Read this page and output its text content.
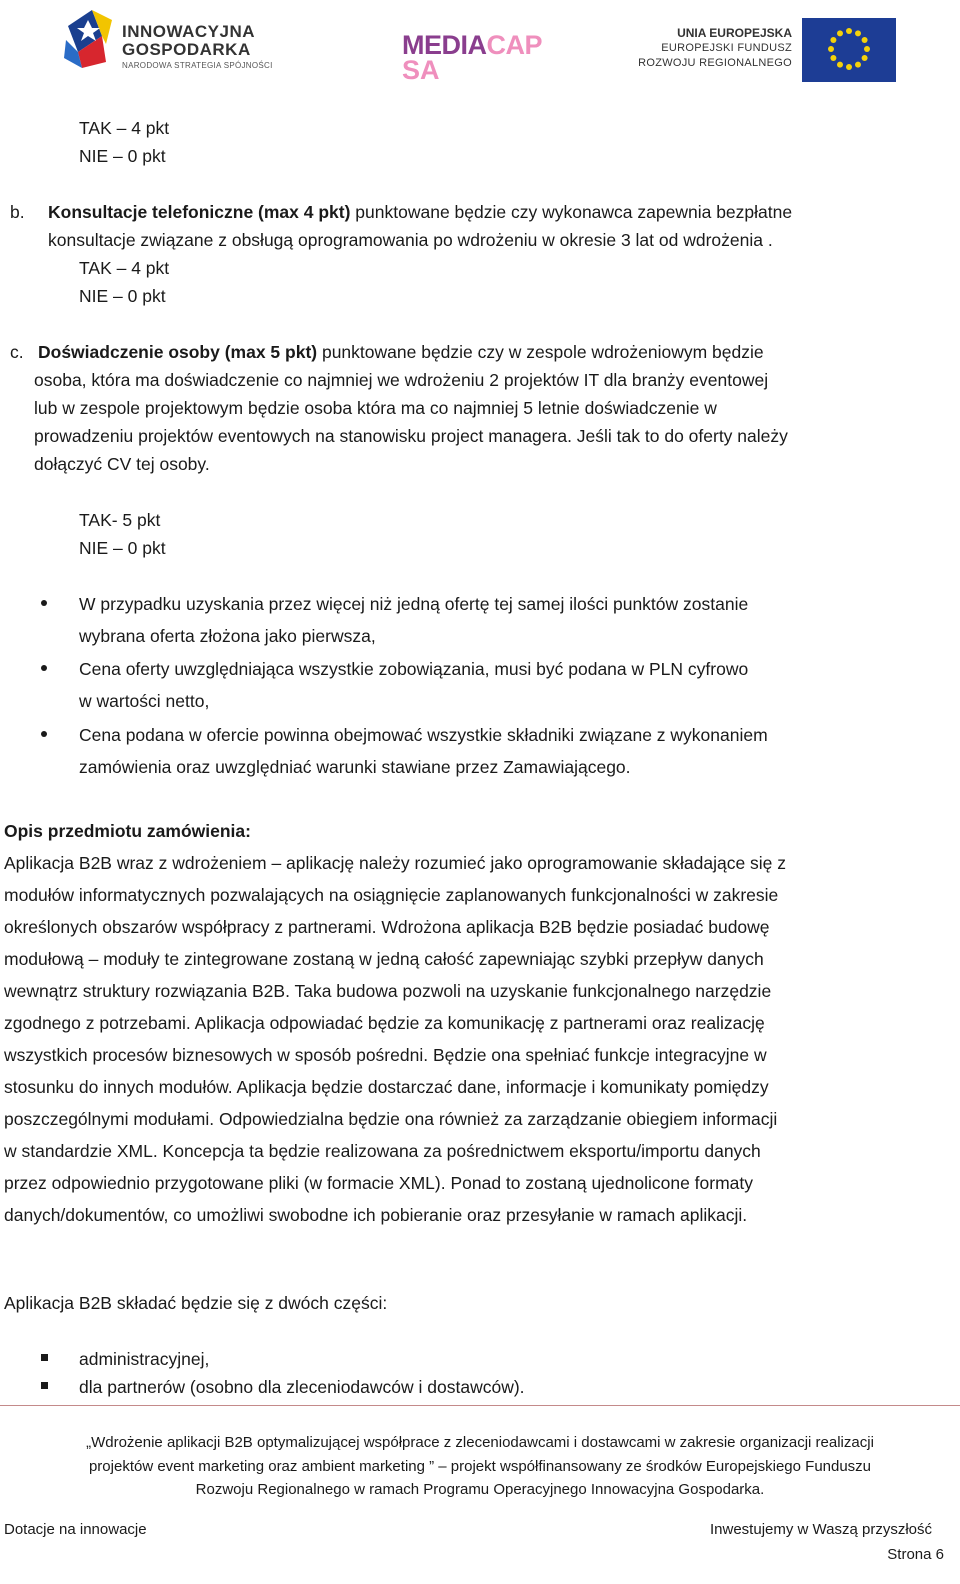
INNOWACYJNA
GOSPODARKA
NARODOWA STRATEGIA SPÓJNOŚCI
MEDIACAP
SA
UNIA EUROPEJSKA
EUROPEJSKI FUNDUSZ
ROZWOJU REGIONALNEGO
TAK – 4 pkt
NIE – 0 pkt
b. Konsultacje telefoniczne (max 4 pkt) punktowane będzie czy wykonawca zapewnia bezpłatne
konsultacje związane z obsługą oprogramowania po wdrożeniu w okresie 3 lat od wdrożenia .
TAK – 4 pkt
NIE – 0 pkt
c. Doświadczenie osoby (max 5 pkt) punktowane będzie czy w zespole wdrożeniowym będzie
osoba, która ma doświadczenie co najmniej we wdrożeniu 2 projektów IT dla branży eventowej
lub w zespole projektowym będzie osoba która ma co najmniej 5 letnie doświadczenie w
prowadzeniu projektów eventowych na stanowisku project managera. Jeśli tak to do oferty należy
dołączyć CV tej osoby.
TAK- 5 pkt
NIE – 0 pkt
W przypadku uzyskania przez więcej niż jedną ofertę tej samej ilości punktów zostanie
wybrana oferta złożona jako pierwsza,
Cena oferty uwzględniająca wszystkie zobowiązania, musi być podana w PLN cyfrowo
w wartości netto,
Cena podana w ofercie powinna obejmować wszystkie składniki związane z wykonaniem
zamówienia oraz uwzględniać warunki stawiane przez Zamawiającego.
Opis przedmiotu zamówienia:
Aplikacja B2B wraz z wdrożeniem – aplikację należy rozumieć jako oprogramowanie składające się z
modułów informatycznych pozwalających na osiągnięcie zaplanowanych funkcjonalności w zakresie
określonych obszarów współpracy z partnerami. Wdrożona aplikacja B2B będzie posiadać budowę
modułową – moduły te zintegrowane zostaną w jedną całość zapewniając szybki przepływ danych
wewnątrz struktury rozwiązania B2B. Taka budowa pozwoli na uzyskanie funkcjonalnego narzędzie
zgodnego z potrzebami. Aplikacja odpowiadać będzie za komunikację z partnerami oraz realizację
wszystkich procesów biznesowych w sposób pośredni. Będzie ona spełniać funkcje integracyjne w
stosunku do innych modułów. Aplikacja będzie dostarczać dane, informacje i komunikaty pomiędzy
poszczególnymi modułami. Odpowiedzialna będzie ona również za zarządzanie obiegiem informacji
w standardzie XML. Koncepcja ta będzie realizowana za pośrednictwem eksportu/importu danych
przez odpowiednio przygotowane pliki (w formacie XML). Ponad to zostaną ujednolicone formaty
danych/dokumentów, co umożliwi swobodne ich pobieranie oraz przesyłanie w ramach aplikacji.
Aplikacja B2B składać będzie się z dwóch części:
administracyjnej,
dla partnerów (osobno dla zleceniodawców i dostawców).
„Wdrożenie aplikacji B2B optymalizującej współprace z zleceniodawcami i dostawcami w zakresie organizacji realizacji
projektów event marketing oraz ambient marketing ” – projekt współfinansowany ze środków Europejskiego Funduszu
Rozwoju Regionalnego w ramach Programu Operacyjnego Innowacyjna Gospodarka.
Dotacje na innowacje	Inwestujemy w Waszą przyszłość
Strona 6
